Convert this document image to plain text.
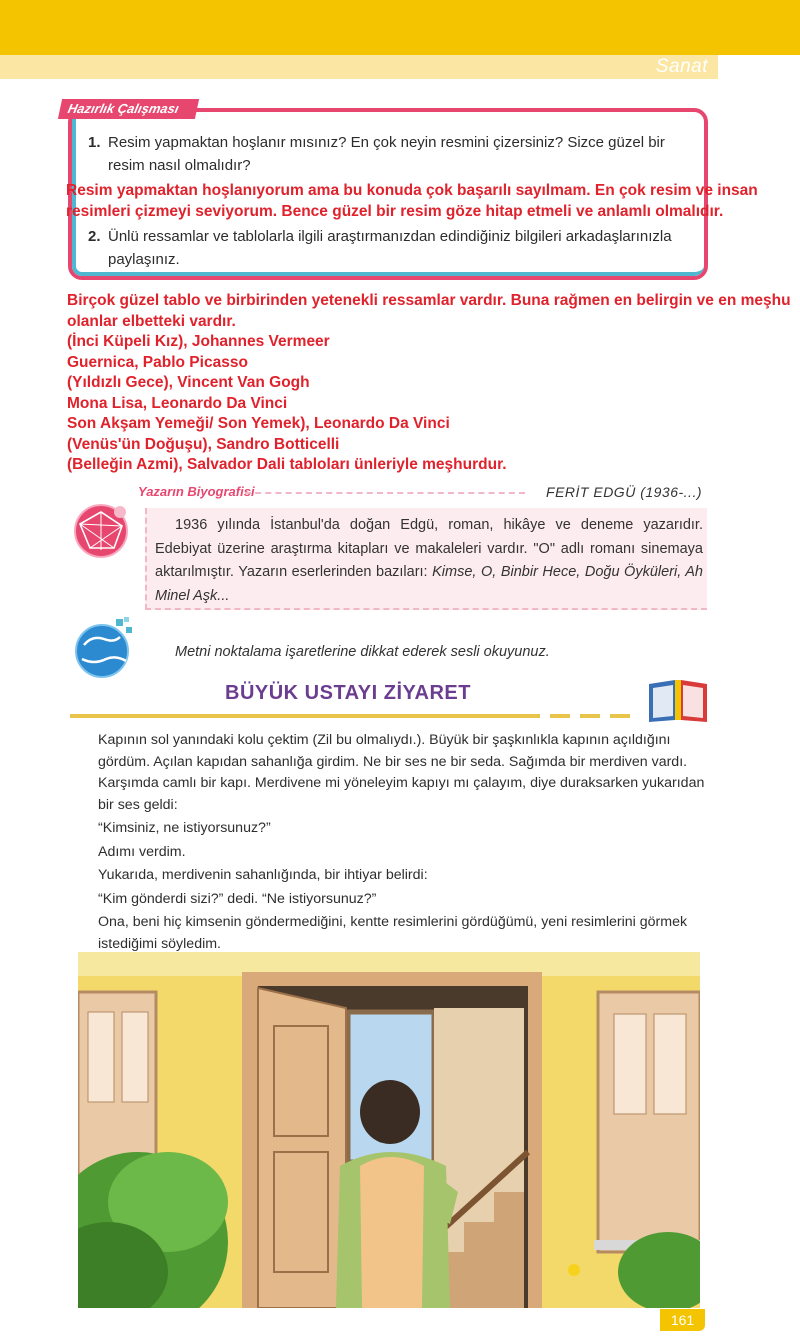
Sanat
Hazırlık Çalışması
1. Resim yapmaktan hoşlanır mısınız? En çok neyin resmini çizersiniz? Sizce güzel bir resim nasıl olmalıdır?
Resim yapmaktan hoşlanıyorum ama bu konuda çok başarılı sayılmam. En çok resim ve insan resimleri çizmeyi seviyorum. Bence güzel bir resim göze hitap etmeli ve anlamlı olmalıdır.
2. Ünlü ressamlar ve tablolarla ilgili araştırmanızdan edindiğiniz bilgileri arkadaşlarınızla paylaşınız.
Birçok güzel tablo ve birbirinden yetenekli ressamlar vardır. Buna rağmen en belirgin ve en meşhu
olanlar elbetteki vardır.
(İnci Küpeli Kız), Johannes Vermeer
Guernica, Pablo Picasso
(Yıldızlı Gece), Vincent Van Gogh
Mona Lisa, Leonardo Da Vinci
Son Akşam Yemeği/ Son Yemek), Leonardo Da Vinci
(Venüs'ün Doğuşu), Sandro Botticelli
(Belleğin Azmi), Salvador Dali tabloları ünleriyle meşhurdur.
Yazarın Biyografisi	FERİT EDGÜ (1936-...)
1936 yılında İstanbul'da doğan Edgü, roman, hikâye ve deneme yazarıdır. Edebiyat üzerine araştırma kitapları ve makaleleri vardır. "O" adlı romanı sinemaya aktarılmıştır. Yazarın eserlerinden bazıları: Kimse, O, Binbir Hece, Doğu Öyküleri, Ah Minel Aşk...
Metni noktalama işaretlerine dikkat ederek sesli okuyunuz.
BÜYÜK USTAYI ZİYARET

Kapının sol yanındaki kolu çektim (Zil bu olmalıydı.). Büyük bir şaşkınlıkla kapının açıldığını gördüm. Açılan kapıdan sahanlığa girdim. Ne bir ses ne bir seda. Sağımda bir merdiven vardı. Karşımda camlı bir kapı. Merdivene mi yöneleyim kapıyı mı çalayım, diye duraksarken yukarıdan bir ses geldi:

“Kimsiniz, ne istiyorsunuz?”

Adımı verdim.

Yukarıda, merdivenin sahanlığında, bir ihtiyar belirdi:

“Kim gönderdi sizi?” dedi. “Ne istiyorsunuz?”

Ona, beni hiç kimsenin göndermediğini, kentte resimlerini gördüğümü, yeni resimlerini görmek istediğimi söyledim.

161
